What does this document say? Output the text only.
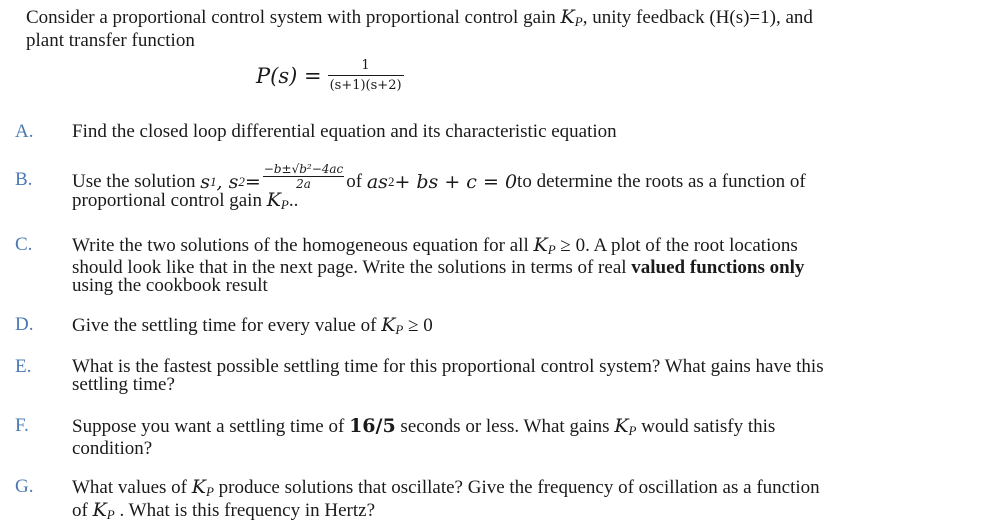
Consider a proportional control system with proportional control gain $K_P$, unity feedback (H(s)=1), and
plant transfer function
$P(s) = \frac{1}{(s+1)(s+2)}$
A. Find the closed loop differential equation and its characteristic equation
B. Use the solution
s 1 , s $2 = \frac{\text{−b±√b²−4ac}}{2a}$ of
as 2 + bs + c = 0 to determine the roots as a function of
proportional control gain $K_P$..
C. Write the two solutions of the homogeneous equation for all $K_P \ge 0$. A plot of the root locations
should look like that in the next page. Write the solutions in terms of real valued functions only
using the cookbook result
D. Give the settling time for every value of $K_P \ge 0$
E. What is the fastest possible settling time for this proportional control system? What gains have this
settling time?
F. Suppose you want a settling time of 16/5 seconds or less. What gains $K_P$ would satisfy this
condition?
G. What values of $K_P$ produce solutions that oscillate? Give the frequency of oscillation as a function
of $K_P$ . What is this frequency in Hertz?
